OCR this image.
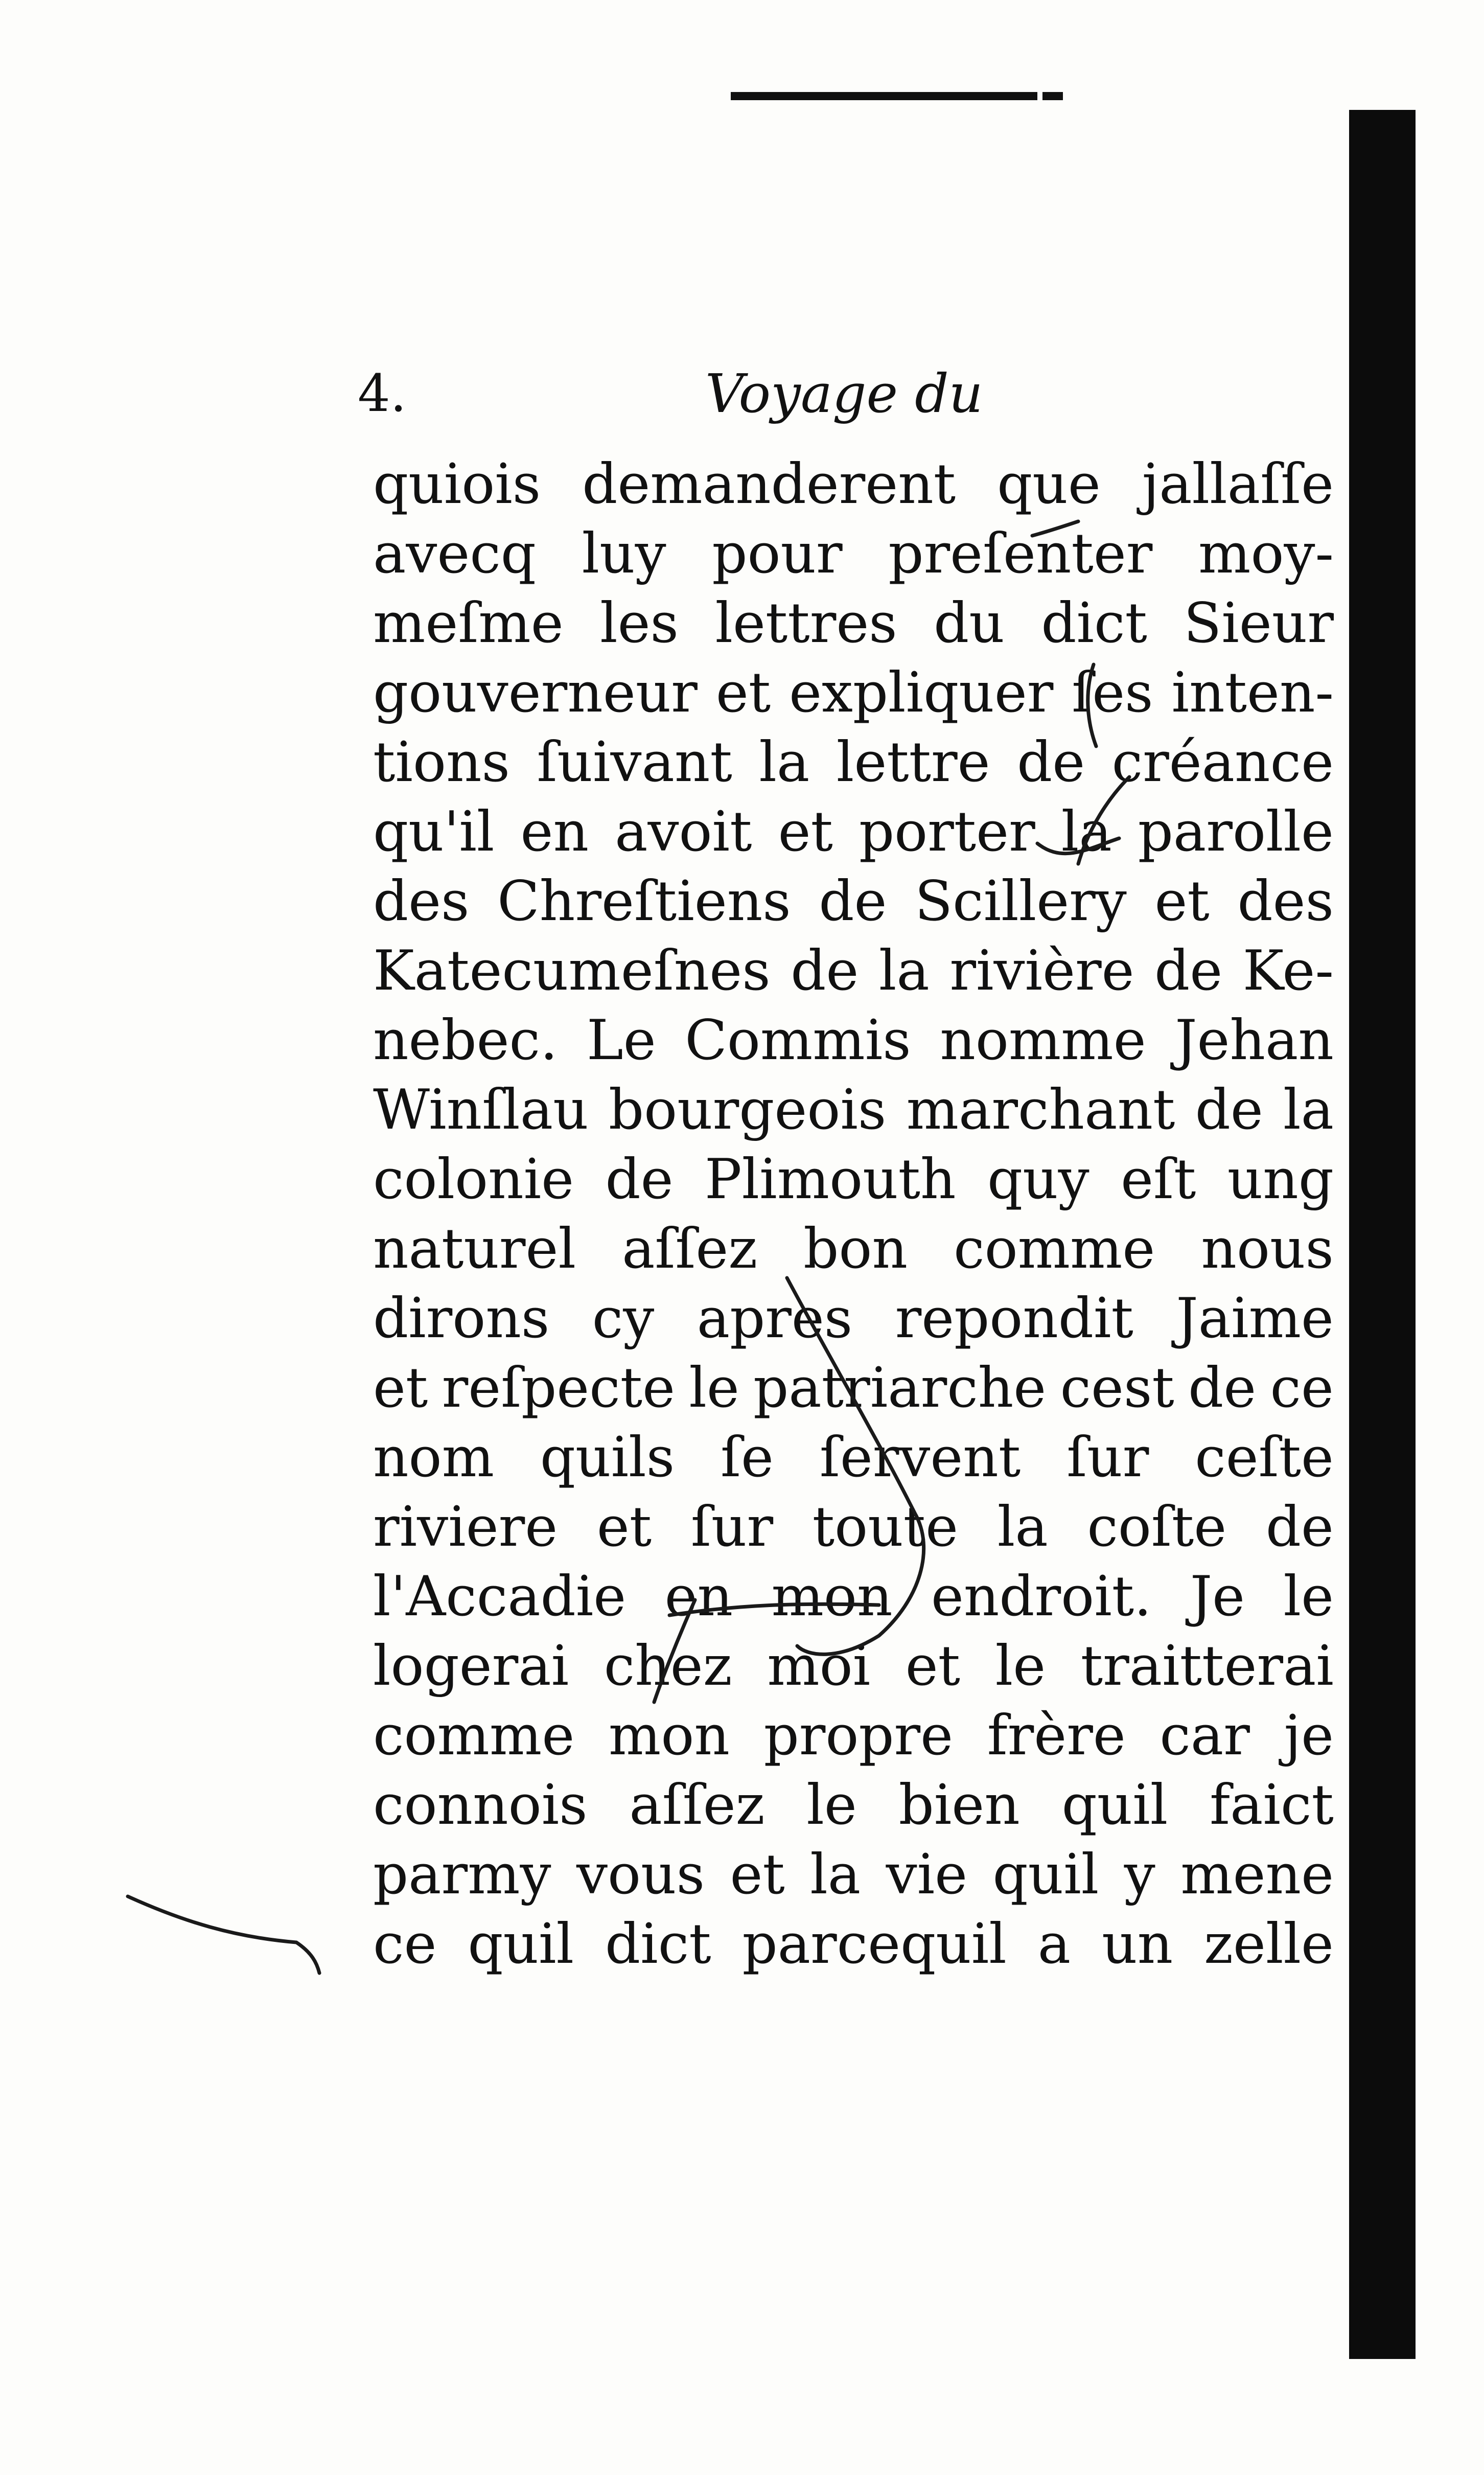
4.	Voyage du
quiois demanderent que jallaſſe
avecq luy pour preſenter moy-
meſme les lettres du dict Sieur
gouverneur et expliquer ſes inten-
tions ſuivant la lettre de créance
qu'il en avoit et porter la parolle
des Chreſtiens de Scillery et des
Katecumeſnes de la rivière de Ke-
nebec. Le Commis nomme Jehan
Winſlau bourgeois marchant de la
colonie de Plimouth quy eſt ung
naturel aſſez bon comme nous
dirons cy apres repondit Jaime
et reſpecte le patriarche cest de ce
nom quils ſe ſervent ſur ceſte
riviere et ſur toute la coſte de
l'Accadie en mon endroit. Je le
logerai chez moi et le traitterai
comme mon propre frère car je
connois aſſez le bien quil faict
parmy vous et la vie quil y mene
ce quil dict parcequil a un zelle
